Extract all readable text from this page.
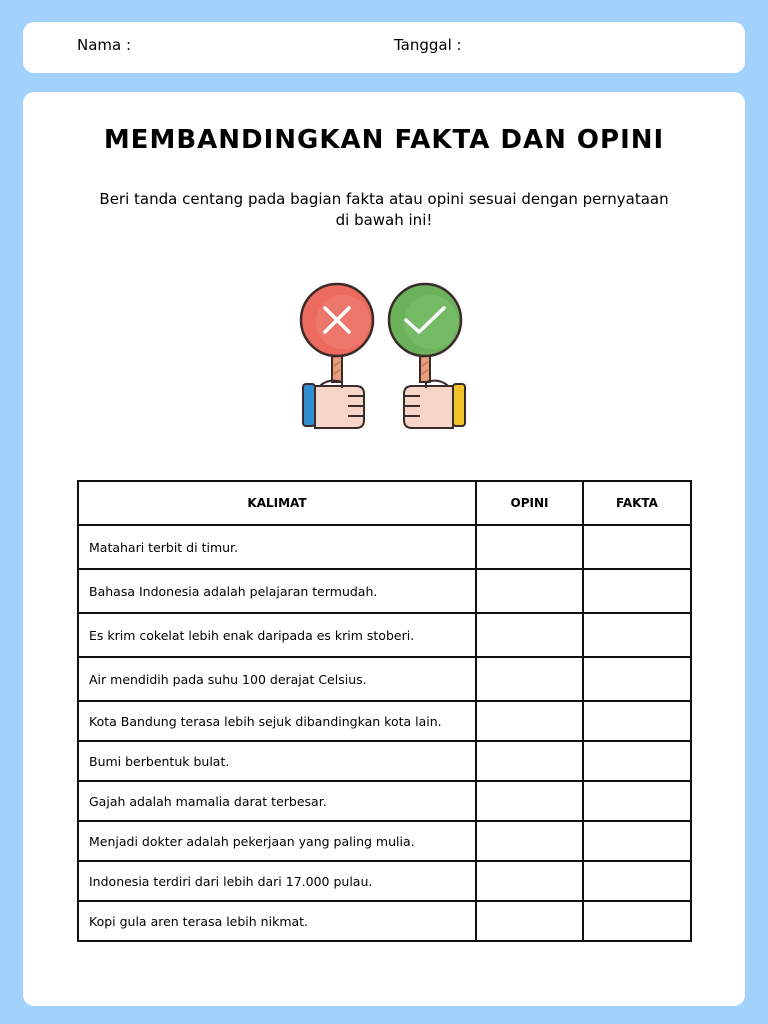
Nama :	Tanggal :
MEMBANDINGKAN FAKTA DAN OPINI
Beri tanda centang pada bagian fakta atau opini sesuai dengan pernyataan di bawah ini!
KALIMAT	OPINI	FAKTA
Matahari terbit di timur.		
Bahasa Indonesia adalah pelajaran termudah.		
Es krim cokelat lebih enak daripada es krim stoberi.		
Air mendidih pada suhu 100 derajat Celsius.		
Kota Bandung terasa lebih sejuk dibandingkan kota lain.		
Bumi berbentuk bulat.		
Gajah adalah mamalia darat terbesar.		
Menjadi dokter adalah pekerjaan yang paling mulia.		
Indonesia terdiri dari lebih dari 17.000 pulau.		
Kopi gula aren terasa lebih nikmat.		
